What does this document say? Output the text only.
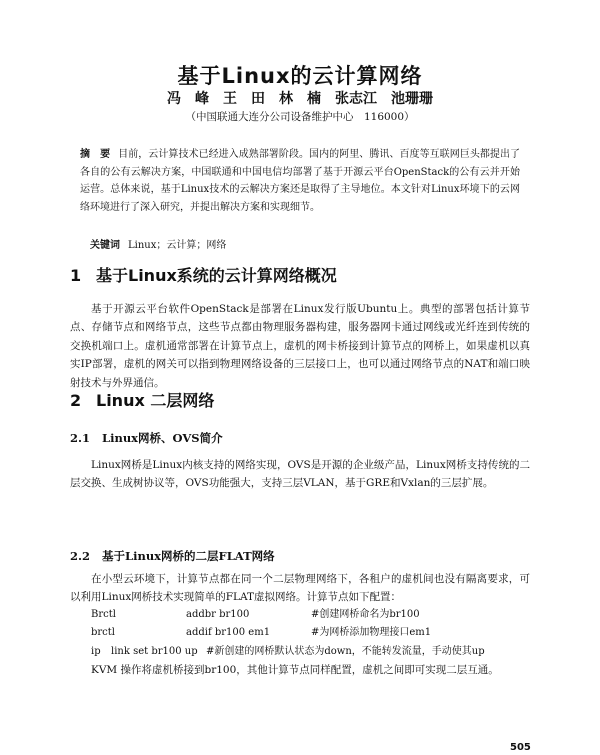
基于Linux的云计算网络
冯　峰　王　田　林　楠　张志江　池珊珊
（中国联通大连分公司设备维护中心　116000）
摘　要 目前，云计算技术已经进入成熟部署阶段。国内的阿里、腾讯、百度等互联网巨头都提出了各自的公有云解决方案，中国联通和中国电信均部署了基于开源云平台OpenStack的公有云并开始运营。总体来说，基于Linux技术的云解决方案还是取得了主导地位。本文针对Linux环境下的云网络环境进行了深入研究，并提出解决方案和实现细节。
关键词 Linux；云计算；网络
1 基于Linux系统的云计算网络概况
基于开源云平台软件OpenStack是部署在Linux发行版Ubuntu上。典型的部署包括计算节点、存储节点和网络节点，这些节点都由物理服务器构建，服务器网卡通过网线或光纤连到传统的交换机端口上。虚机通常部署在计算节点上，虚机的网卡桥接到计算节点的网桥上，如果虚机以真实IP部署，虚机的网关可以指到物理网络设备的三层接口上，也可以通过网络节点的NAT和端口映射技术与外界通信。
2 Linux 二层网络
2.1 Linux网桥、OVS简介
Linux网桥是Linux内核支持的网络实现，OVS是开源的企业级产品，Linux网桥支持传统的二层交换、生成树协议等，OVS功能强大，支持三层VLAN，基于GRE和Vxlan的三层扩展。
2.2 基于Linux网桥的二层FLAT网络
在小型云环境下，计算节点都在同一个二层物理网络下，各租户的虚机间也没有隔离要求，可以利用Linux网桥技术实现简单的FLAT虚拟网络。计算节点如下配置：
Brctl	addbr br100	#创建网桥命名为br100
brctl	addif br100 em1	#为网桥添加物理接口em1
ip link set br100 up #新创建的网桥默认状态为down，不能转发流量，手动使其up
KVM 操作将虚机桥接到br100，其他计算节点同样配置，虚机之间即可实现二层互通。
505
